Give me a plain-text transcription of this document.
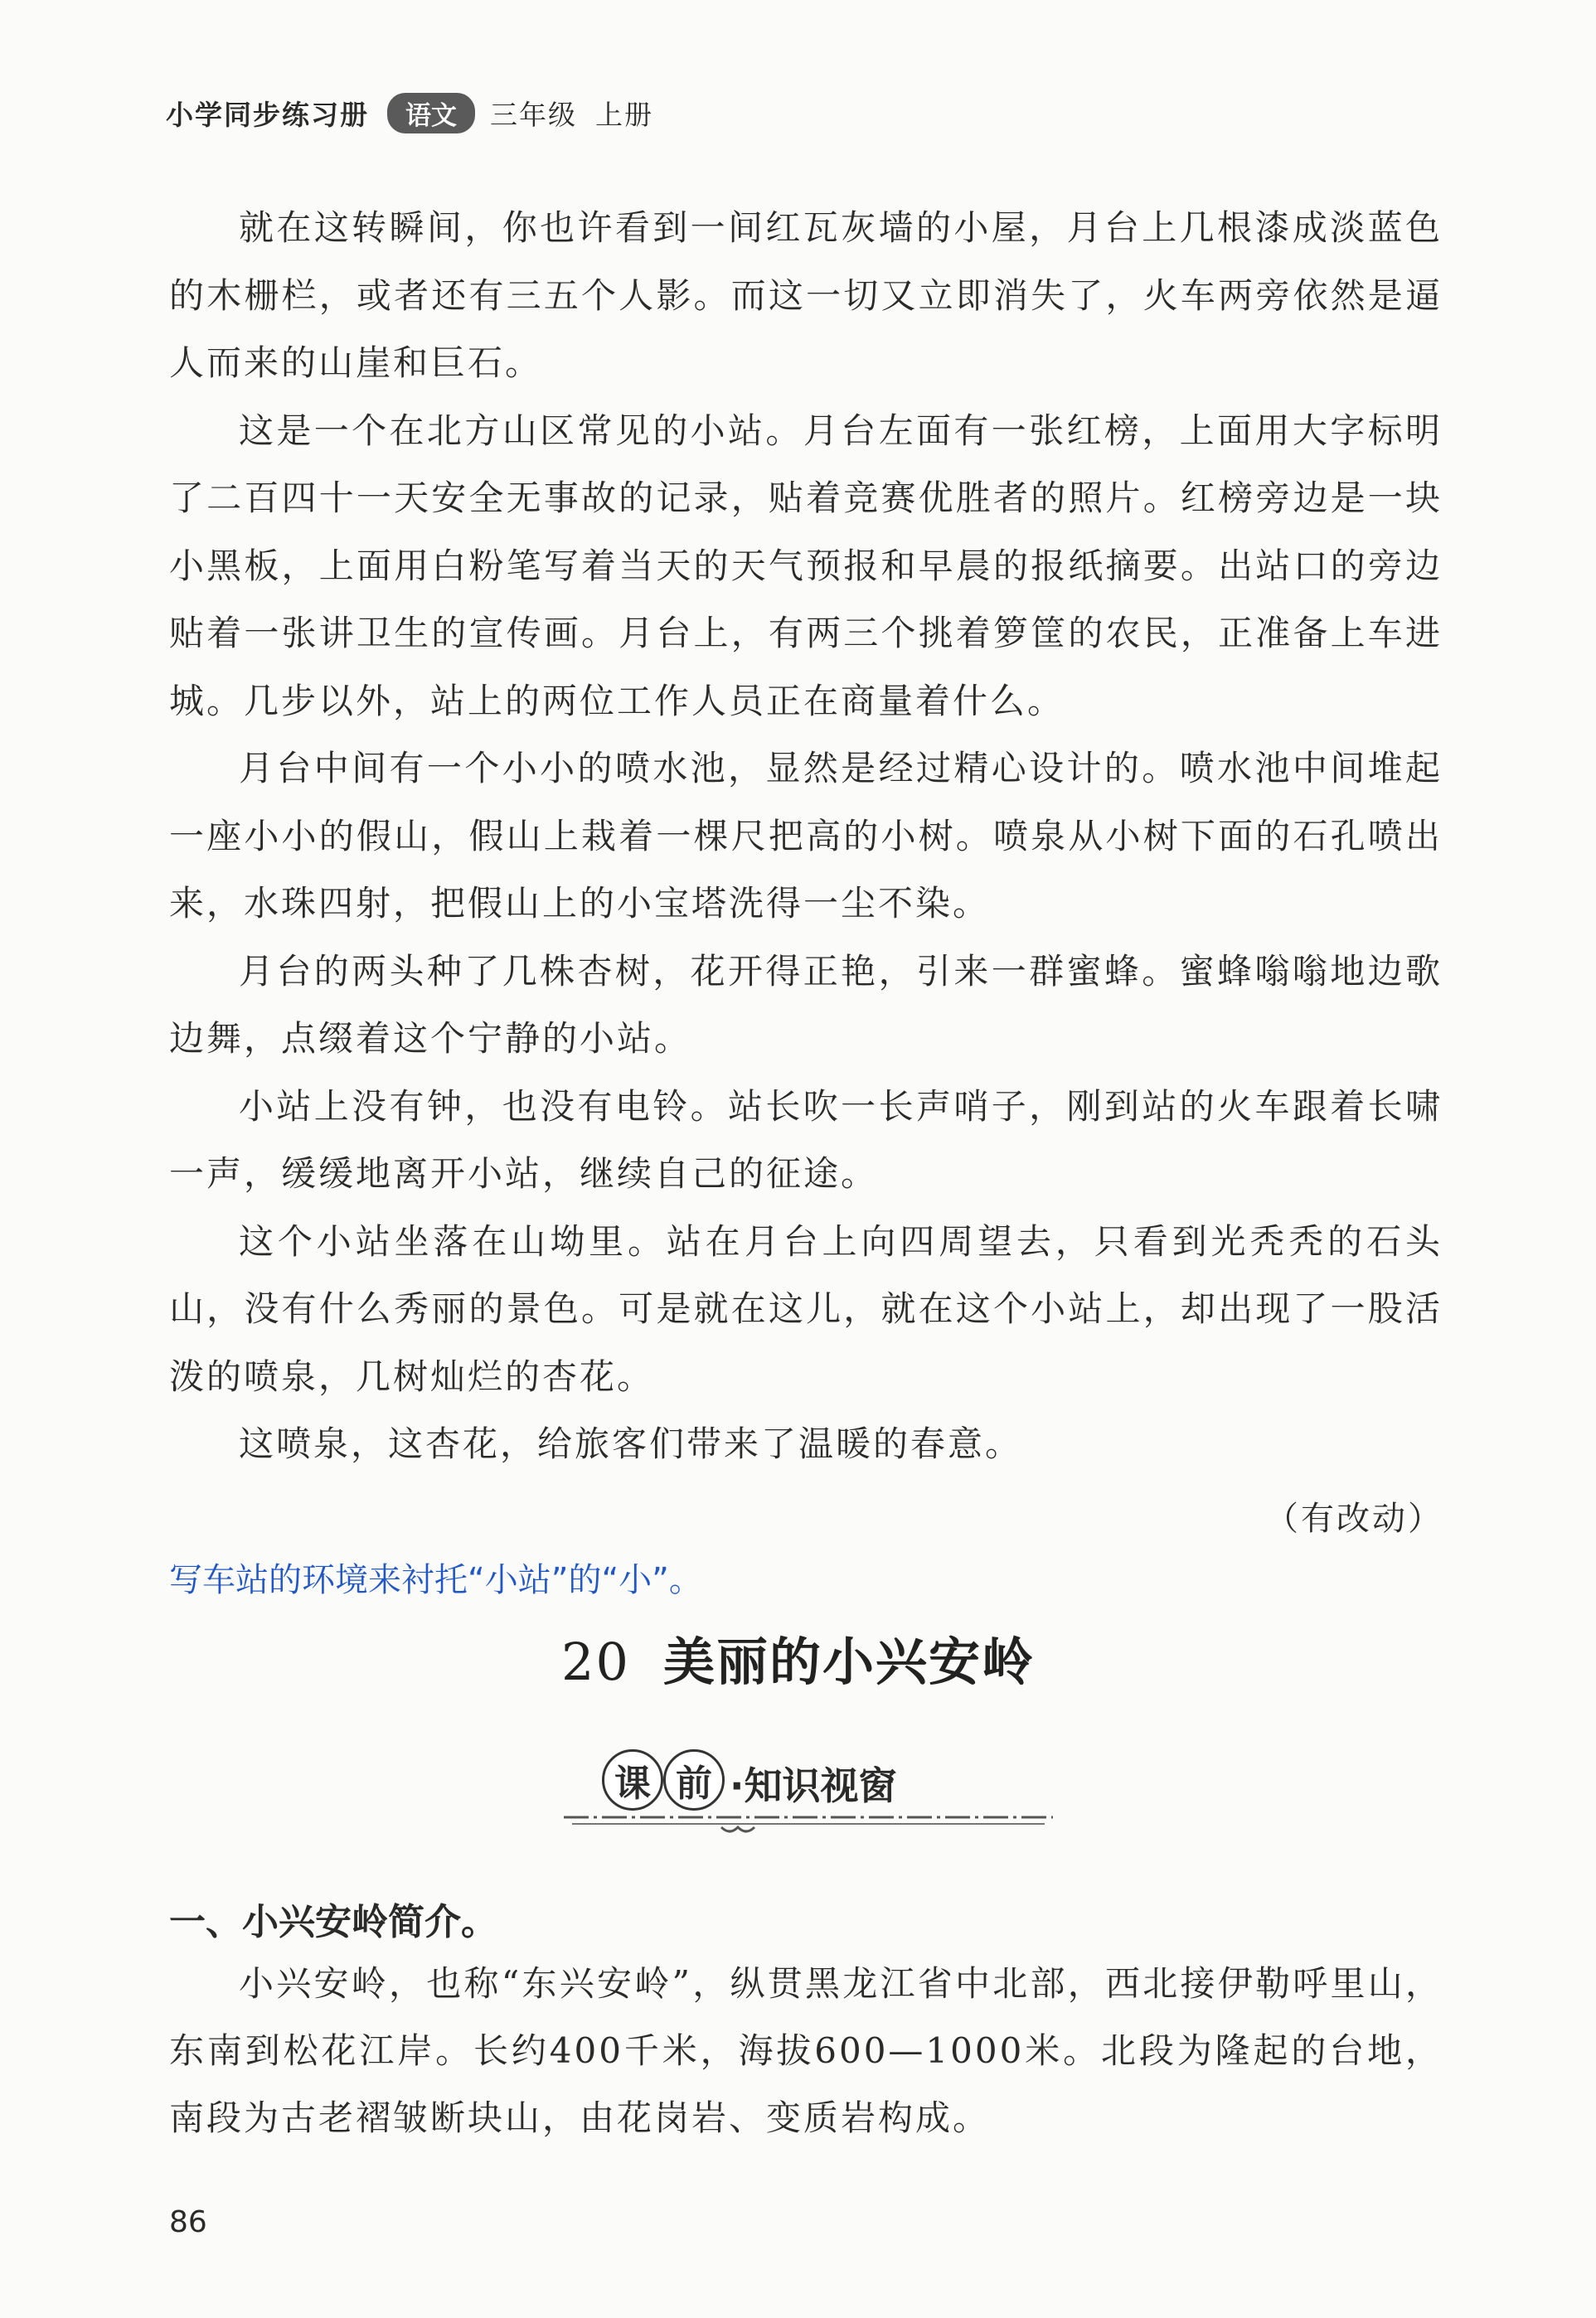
小学同步练习册	语文	三年级 上册

就在这转瞬间，你也许看到一间红瓦灰墙的小屋，月台上几根漆成淡蓝色的木栅栏，或者还有三五个人影。而这一切又立即消失了，火车两旁依然是逼人而来的山崖和巨石。

这是一个在北方山区常见的小站。月台左面有一张红榜，上面用大字标明了二百四十一天安全无事故的记录，贴着竞赛优胜者的照片。红榜旁边是一块小黑板，上面用白粉笔写着当天的天气预报和早晨的报纸摘要。出站口的旁边贴着一张讲卫生的宣传画。月台上，有两三个挑着箩筐的农民，正准备上车进城。几步以外，站上的两位工作人员正在商量着什么。

月台中间有一个小小的喷水池，显然是经过精心设计的。喷水池中间堆起一座小小的假山，假山上栽着一棵尺把高的小树。喷泉从小树下面的石孔喷出来，水珠四射，把假山上的小宝塔洗得一尘不染。

月台的两头种了几株杏树，花开得正艳，引来一群蜜蜂。蜜蜂嗡嗡地边歌边舞，点缀着这个宁静的小站。

小站上没有钟，也没有电铃。站长吹一长声哨子，刚到站的火车跟着长啸一声，缓缓地离开小站，继续自己的征途。

这个小站坐落在山坳里。站在月台上向四周望去，只看到光秃秃的石头山，没有什么秀丽的景色。可是就在这儿，就在这个小站上，却出现了一股活泼的喷泉，几树灿烂的杏花。

这喷泉，这杏花，给旅客们带来了温暖的春意。

（有改动）
写车站的环境来衬托“小站”的“小”。
20 美丽的小兴安岭
课 前 ·知识视窗
一、小兴安岭简介。

小兴安岭，也称“东兴安岭”，纵贯黑龙江省中北部，西北接伊勒呼里山，东南到松花江岸。长约400千米，海拔600—1000米。北段为隆起的台地，南段为古老褶皱断块山，由花岗岩、变质岩构成。

86
